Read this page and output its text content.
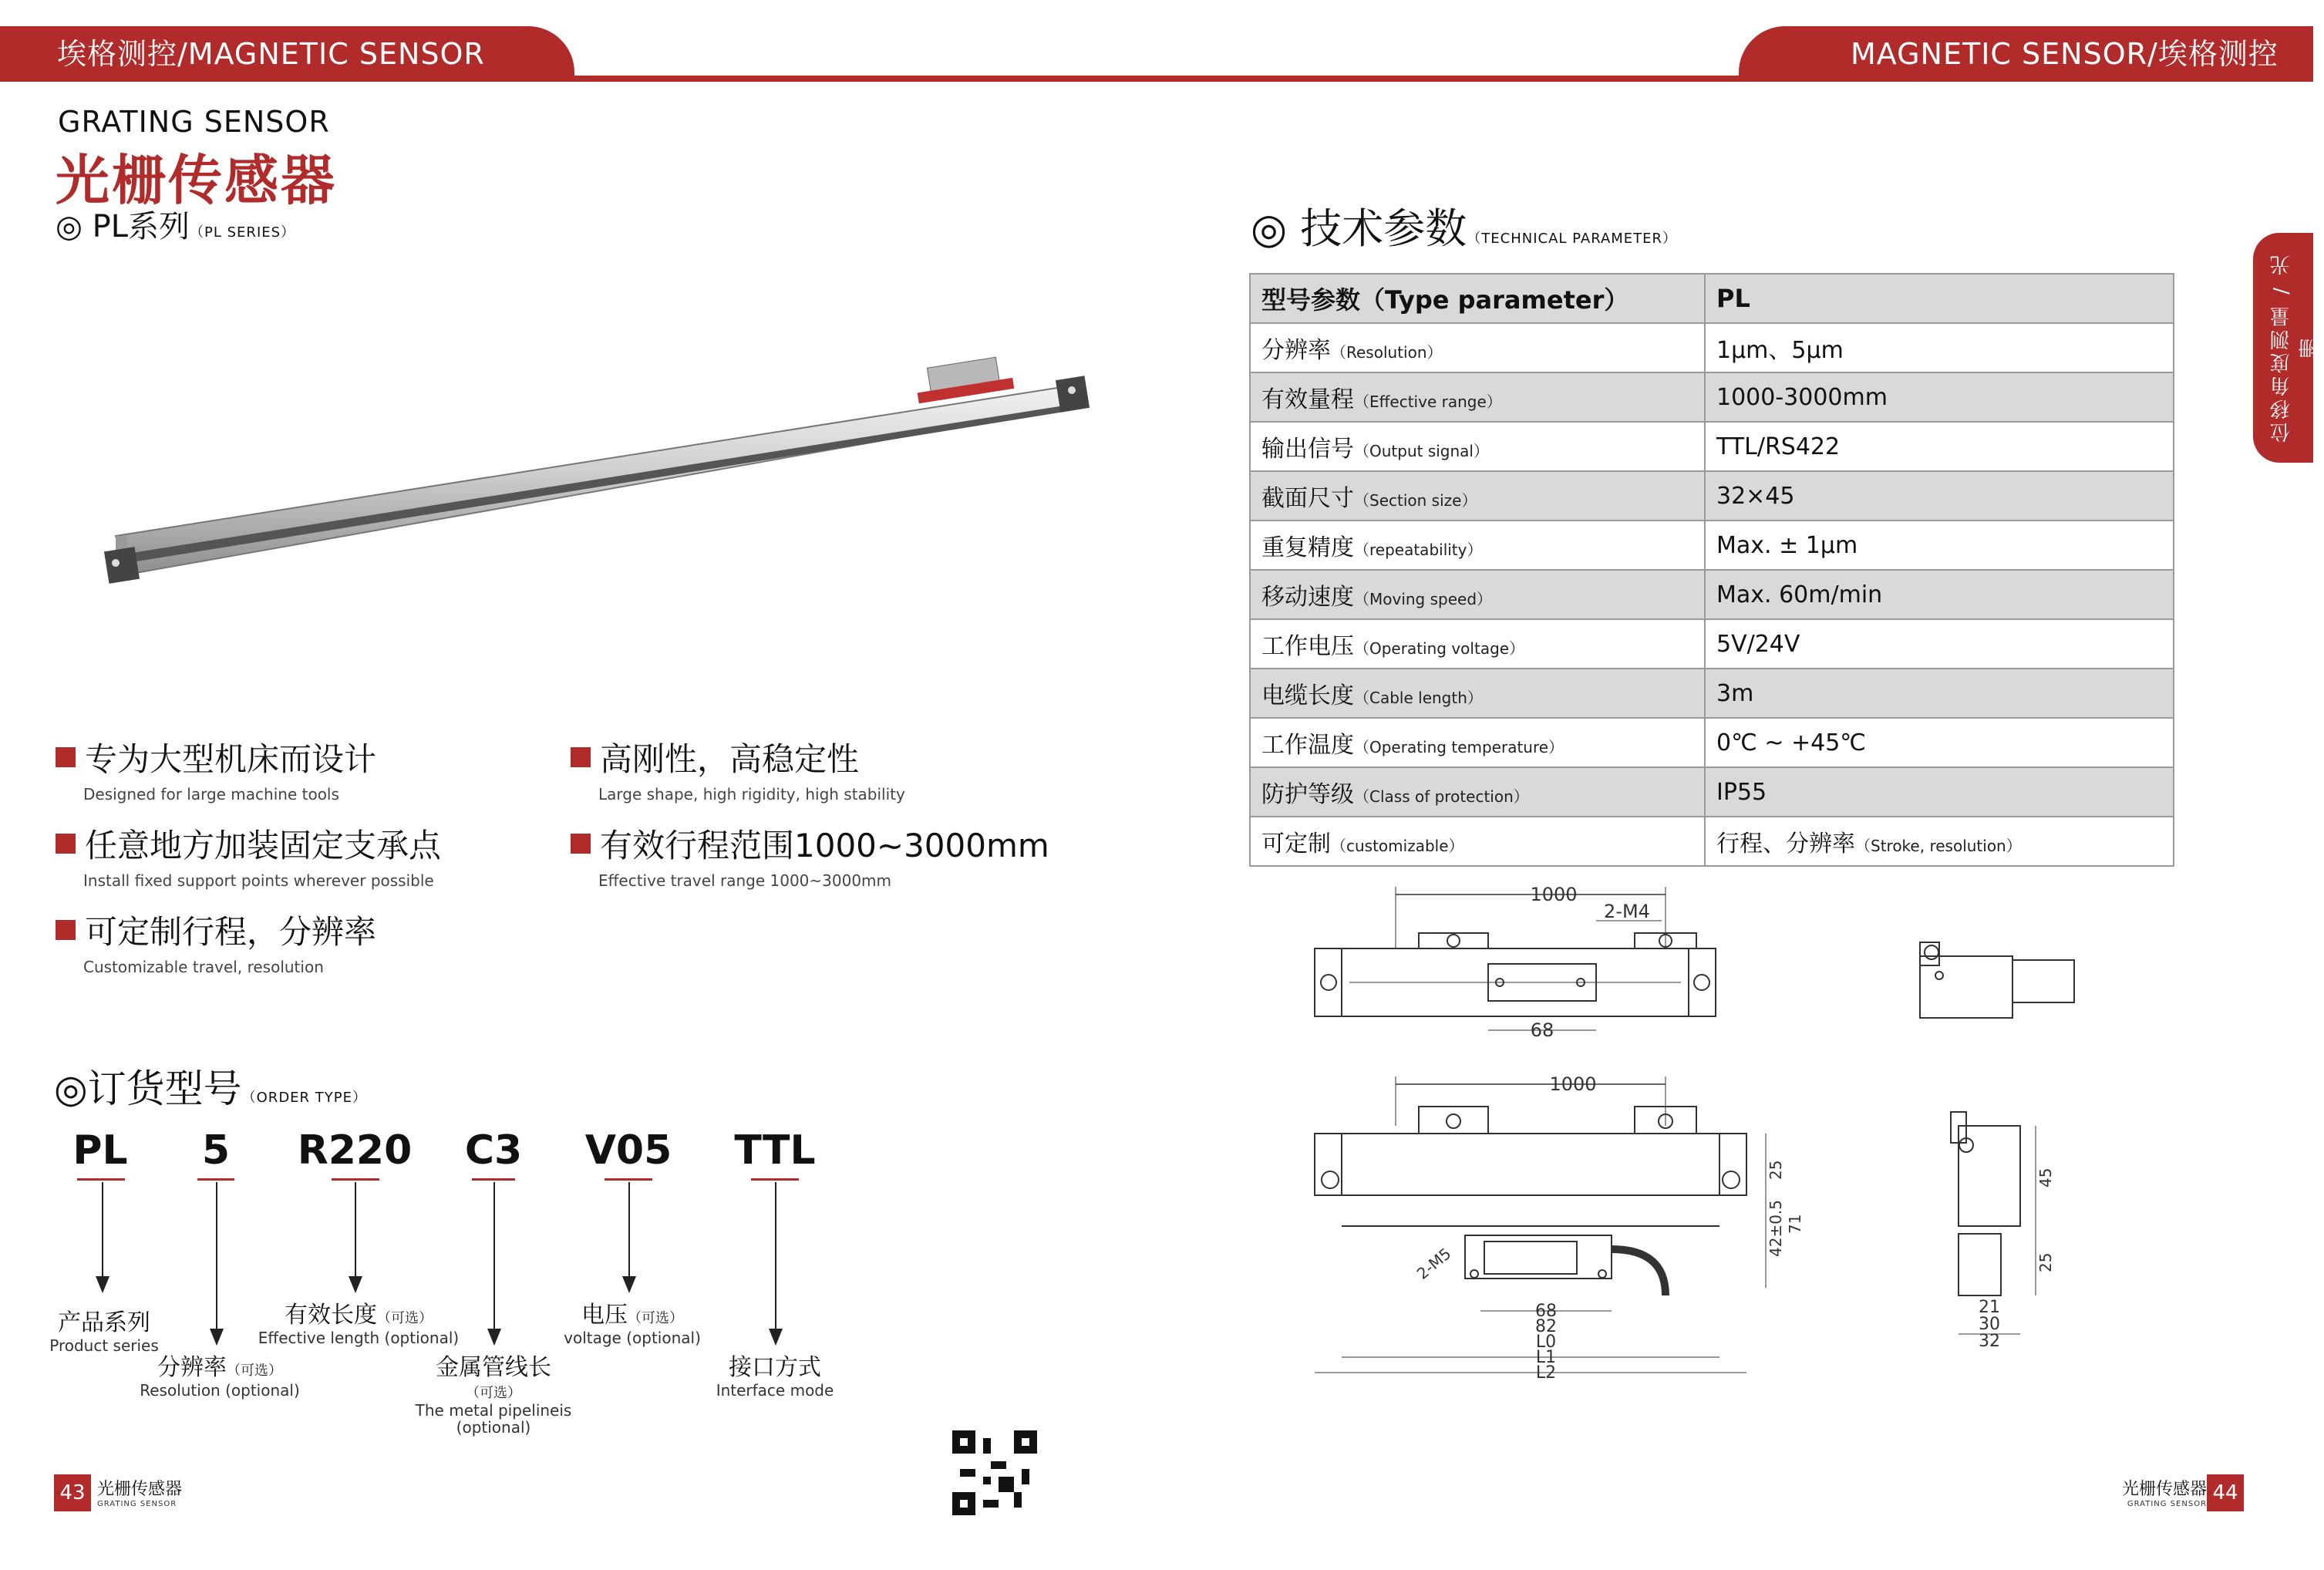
埃格测控/MAGNETIC SENSOR	MAGNETIC SENSOR/埃格测控
位移角度测量 / 光栅
GRATING SENSOR
光栅传感器
◎ PL系列（PL SERIES）
专为大型机床而设计
Designed for large machine tools
高刚性，高稳定性
Large shape, high rigidity, high stability
任意地方加装固定支承点
Install fixed support points wherever possible
有效行程范围1000~3000mm
Effective travel range 1000~3000mm
可定制行程，分辨率
Customizable travel, resolution
◎订货型号（ORDER TYPE）
PL	5	R220 C3 V05 TTL
产品系列
Product series
分辨率（可选）
Resolution (optional)
有效长度（可选）
Effective length (optional)
金属管线长（可选）
The metal pipelineis (optional)
电压（可选）
voltage (optional)
接口方式
Interface mode
◎ 技术参数（TECHNICAL PARAMETER）
型号参数（Type parameter）	PL
分辨率（Resolution）	1μm、5μm
有效量程（Effective range）	1000-3000mm
输出信号（Output signal）	TTL/RS422
截面尺寸（Section size）	32×45
重复精度（repeatability）	Max. ± 1μm
移动速度（Moving speed）	Max. 60m/min
工作电压（Operating voltage）	5V/24V
电缆长度（Cable length）	3m
工作温度（Operating temperature）	0℃ ~ +45℃
防护等级（Class of protection）	IP55
可定制（customizable）	行程、分辨率（Stroke, resolution）
1000
2-M4
68
1000
68
82
L0
L1
L2
2-M5
25
42±0.5 71
45
25
21
30
32
43 光栅传感器
GRATING SENSOR
光栅传感器
GRATING SENSOR 44
